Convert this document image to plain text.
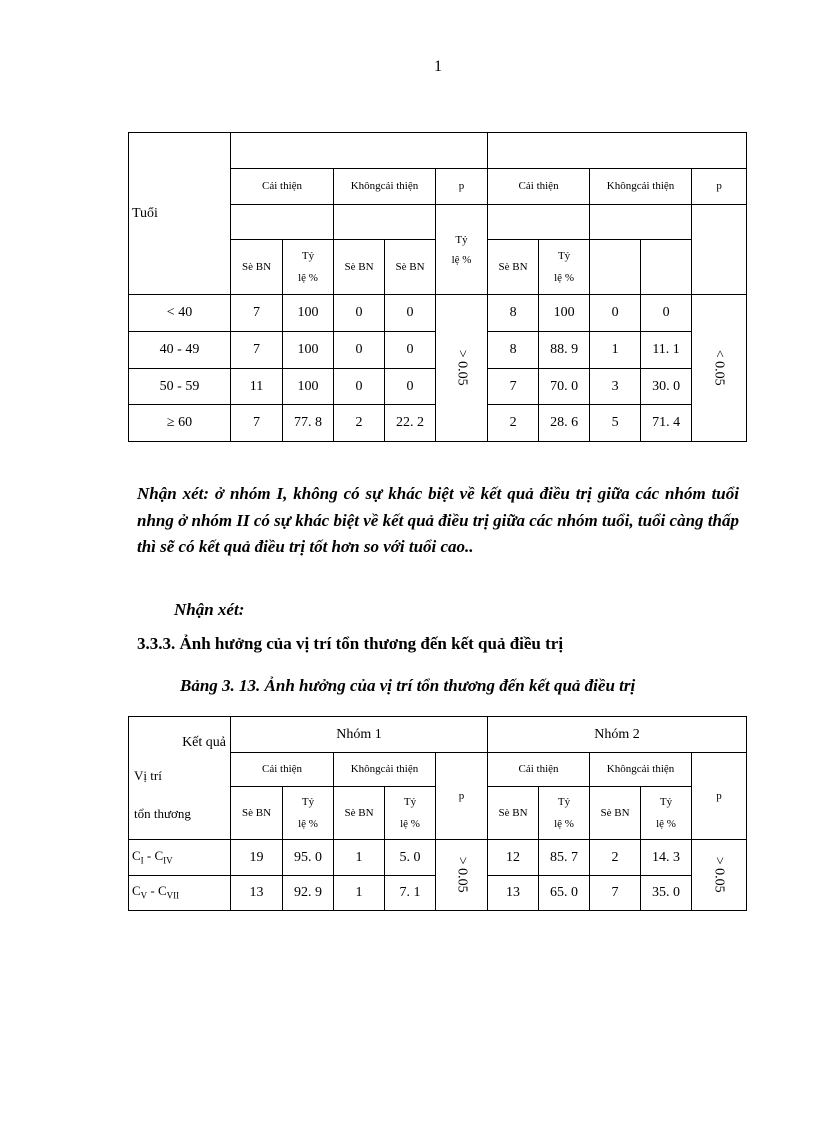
1
Tuổi										
	Cải thiện		Khôngcải thiện		p	Cải thiện		Khôngcải thiện		p

					Tỷ lệ %					

	Sè BN	Tỷ lệ %	Sè BN	Sè BN		Sè BN	Tỷ lệ %			

< 40	7	100	0	0	> 0.05	8	100	0	0	< 0.05
40 - 49	7	100	0	0		8	88. 9	1	11. 1	
50 - 59	11	100	0	0		7	70. 0	3	30. 0	
≥ 60	7	77. 8	2	22. 2		2	28. 6	5	71. 4	
Nhận xét: ở nhóm I, không có sự khác biệt về kết quả điều trị giữa các nhóm tuổi nhng ở nhóm II có sự khác biệt về kết quả điều trị giữa các nhóm tuổi, tuổi càng thấp thì sẽ có kết quả điều trị tốt hơn so với tuổi cao..
Nhận xét:
3.3.3. Ảnh hưởng của vị trí tổn thương đến kết quả điều trị
Bảng 3. 13. Ảnh hưởng của vị trí tổn thương đến kết quả điều trị
Kết quả
Vị trí
tổn thương	Nhóm 1					Nhóm 2				
	Cải thiện		Khôngcải thiện		p	Cải thiện		Khôngcải thiện		p
	Sè BN	Tỷ lệ %	Sè BN	Tỷ lệ %		Sè BN	Tỷ lệ %	Sè BN	Tỷ lệ %	

$C_I - C_{IV}$	19	95. 0	1	5. 0	> 0.05	12	85. 7	2	14. 3	> 0.05
$C_V - C_{VII}$	13	92. 9	1	7. 1		13	65. 0	7	35. 0	
